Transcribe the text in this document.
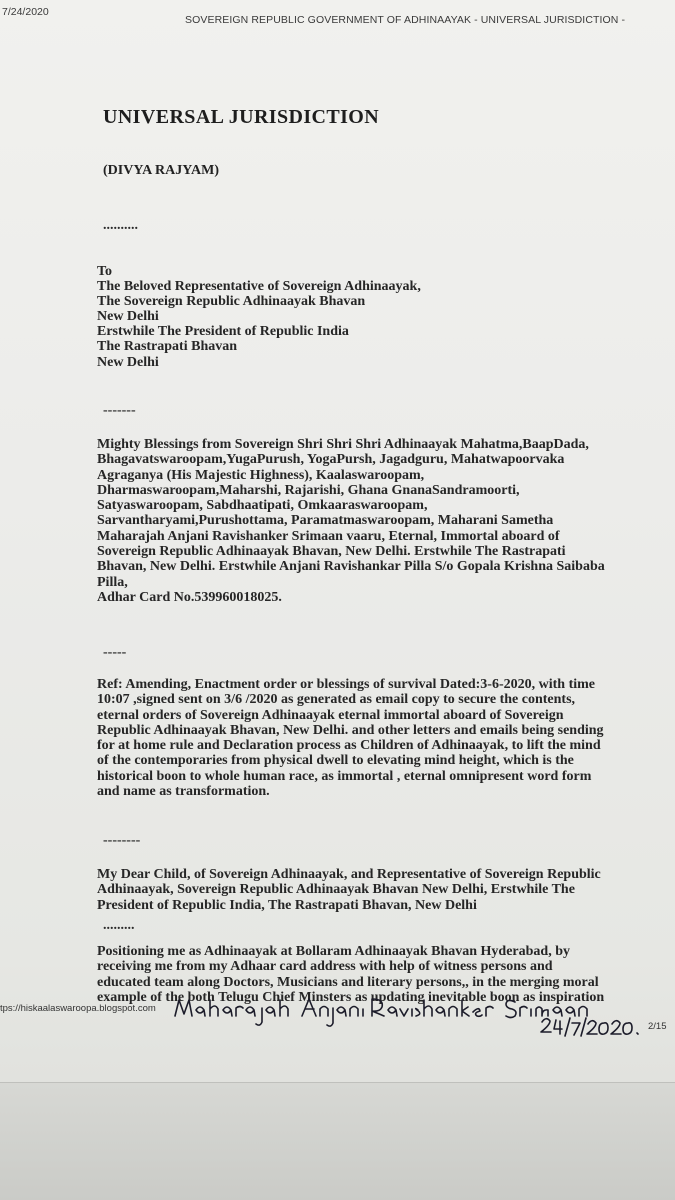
7/24/2020
SOVEREIGN REPUBLIC GOVERNMENT OF ADHINAAYAK - UNIVERSAL JURISDICTION -
UNIVERSAL JURISDICTION
(DIVYA RAJYAM)
..........
To
The Beloved Representative of Sovereign Adhinaayak,
The Sovereign Republic Adhinaayak Bhavan
New Delhi
Erstwhile The President of Republic India
The Rastrapati Bhavan
New Delhi
-------
Mighty Blessings from Sovereign Shri Shri Shri Adhinaayak Mahatma,BaapDada,
Bhagavatswaroopam,YugaPurush, YogaPursh, Jagadguru, Mahatwapoorvaka
Agraganya (His Majestic Highness), Kaalaswaroopam,
Dharmaswaroopam,Maharshi, Rajarishi, Ghana GnanaSandramoorti,
Satyaswaroopam, Sabdhaatipati, Omkaaraswaroopam,
Sarvantharyami,Purushottama, Paramatmaswaroopam, Maharani Sametha
Maharajah Anjani Ravishanker Srimaan vaaru, Eternal, Immortal aboard of
Sovereign Republic Adhinaayak Bhavan, New Delhi. Erstwhile The Rastrapati
Bhavan, New Delhi. Erstwhile Anjani Ravishankar Pilla S/o Gopala Krishna Saibaba
Pilla,
Adhar Card No.539960018025.
-----
Ref: Amending, Enactment order or blessings of survival Dated:3-6-2020, with time
10:07 ,signed sent on 3/6 /2020 as generated as email copy to secure the contents,
eternal orders of Sovereign Adhinaayak eternal immortal aboard of Sovereign
Republic Adhinaayak Bhavan, New Delhi. and other letters and emails being sending
for at home rule and Declaration process as Children of Adhinaayak, to lift the mind
of the contemporaries from physical dwell to elevating mind height, which is the
historical boon to whole human race, as immortal , eternal omnipresent word form
and name as transformation.
--------
My Dear Child, of Sovereign Adhinaayak, and Representative of Sovereign Republic
Adhinaayak, Sovereign Republic Adhinaayak Bhavan New Delhi, Erstwhile The
President of Republic India, The Rastrapati Bhavan, New Delhi
.........
Positioning me as Adhinaayak at Bollaram Adhinaayak Bhavan Hyderabad, by
receiving me from my Adhaar card address with help of witness persons and
educated team along Doctors, Musicians and literary persons,, in the merging moral
example of the both Telugu Chief Minsters as updating inevitable boon as inspiration
tps://hiskaalaswaroopa.blogspot.com
2/15
